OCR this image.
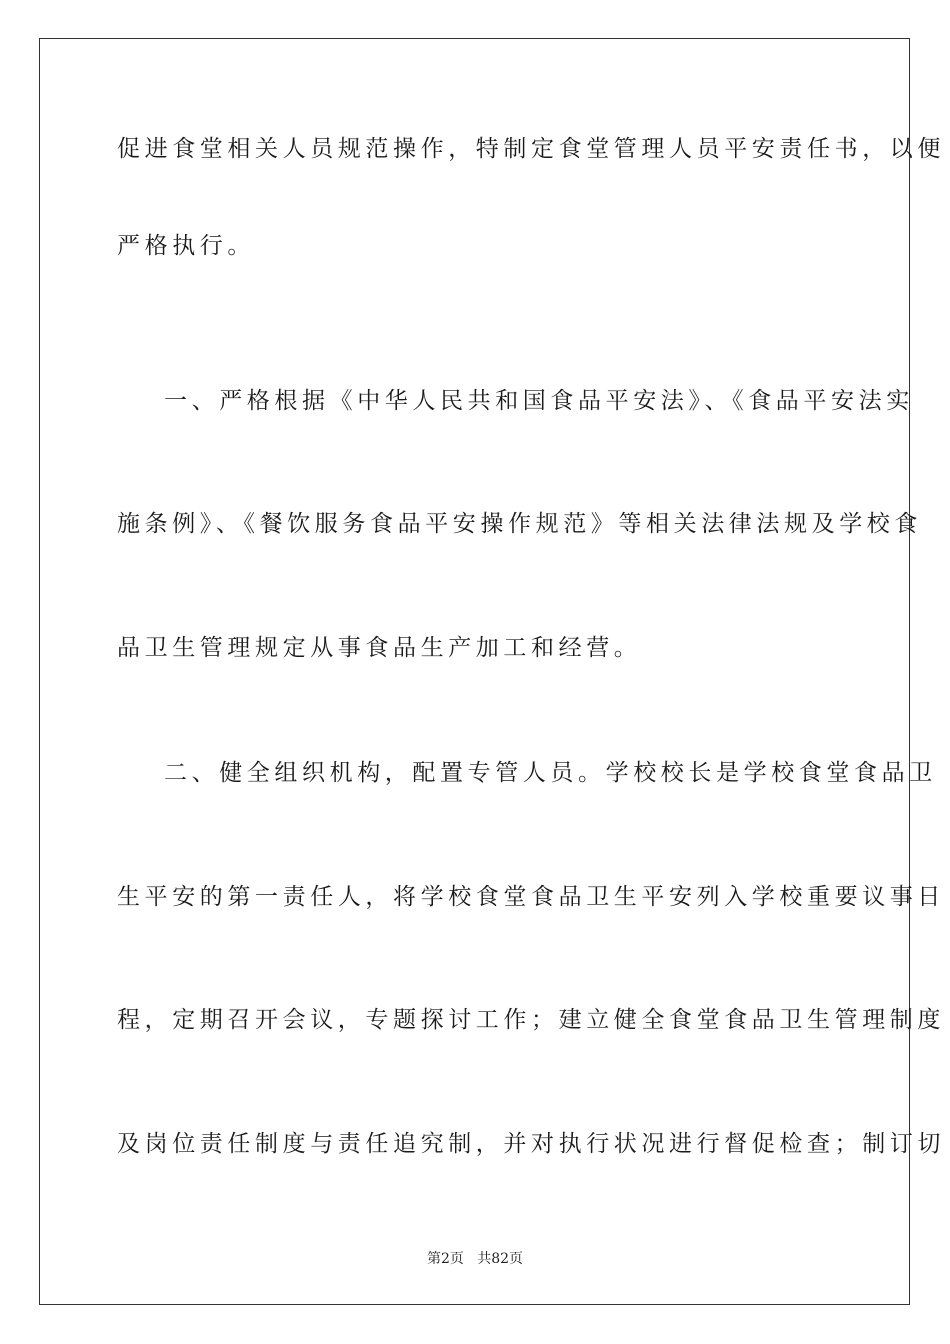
促进食堂相关人员规范操作，特制定食堂管理人员平安责任书，以便
严格执行。
一、严格根据《中华人民共和国食品平安法》、《食品平安法实
施条例》、《餐饮服务食品平安操作规范》等相关法律法规及学校食
品卫生管理规定从事食品生产加工和经营。
二、健全组织机构，配置专管人员。学校校长是学校食堂食品卫
生平安的第一责任人，将学校食堂食品卫生平安列入学校重要议事日
程，定期召开会议，专题探讨工作；建立健全食堂食品卫生管理制度
及岗位责任制度与责任追究制，并对执行状况进行督促检查；制订切
第2页   共82页
